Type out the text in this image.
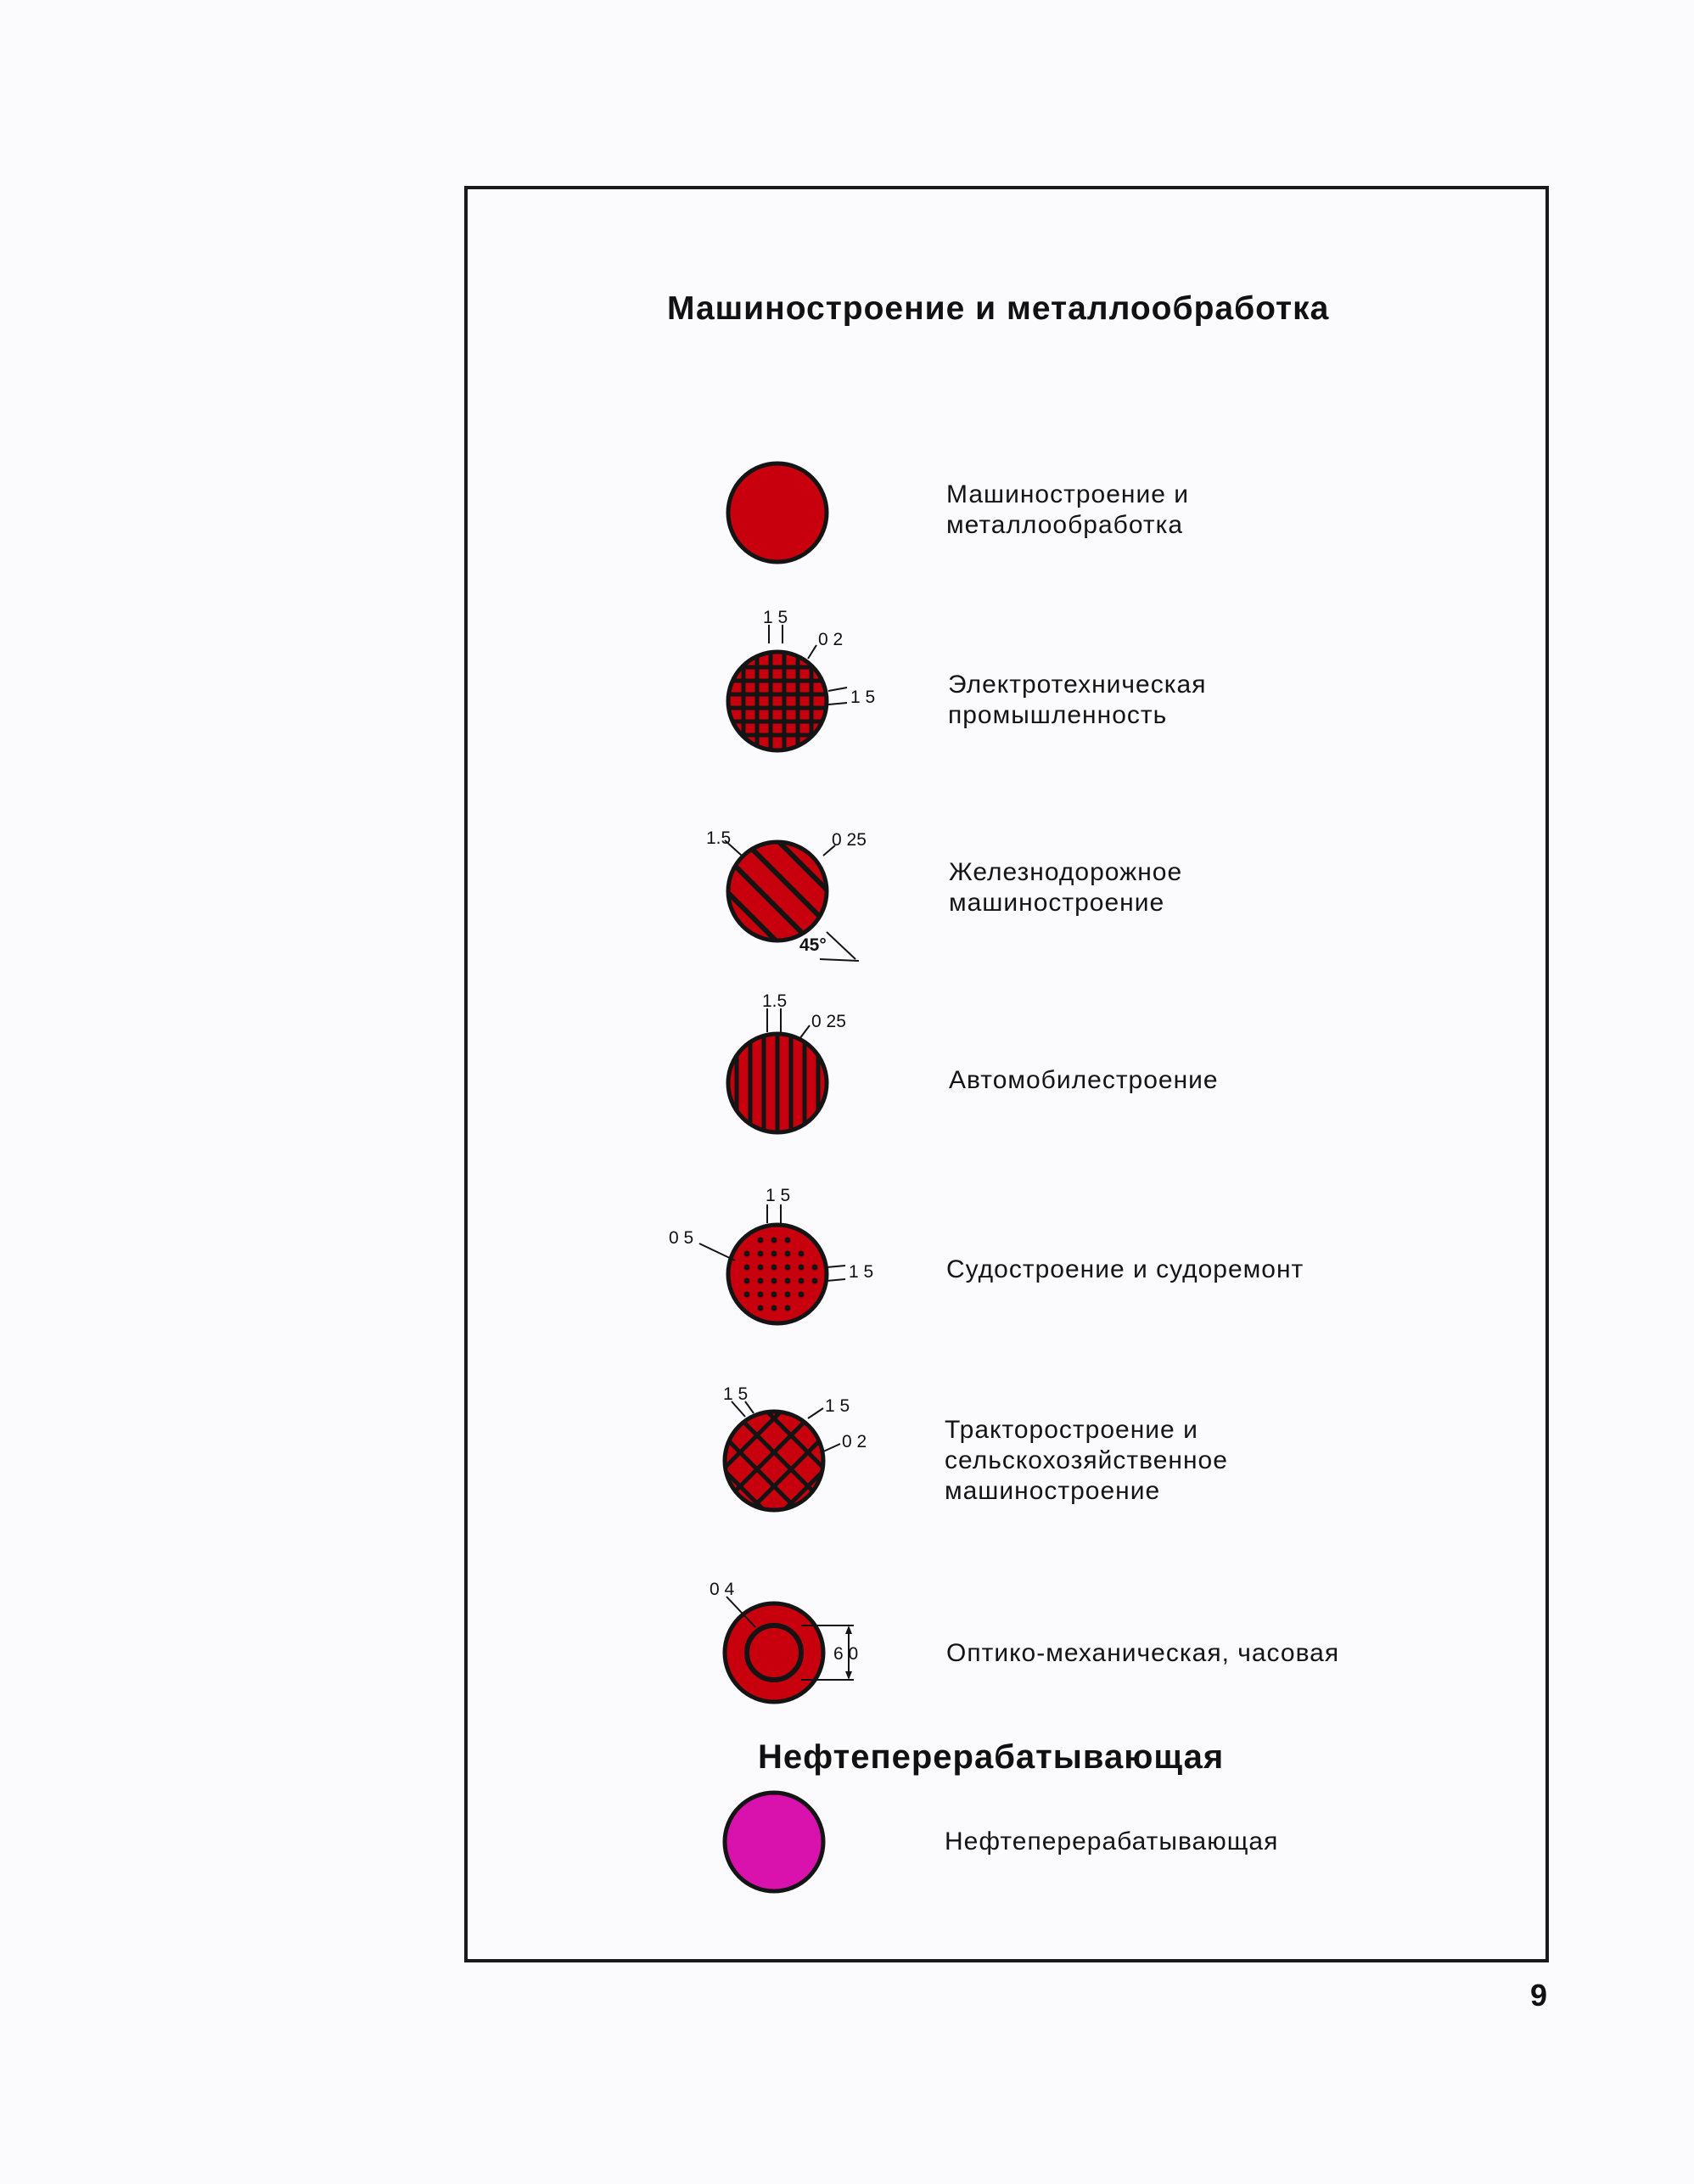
Машиностроение и металлообработка
Машиностроение и
металлообработка
1 5
0 2
1 5	Электротехническая
промышленность
1.5	0 25
45°
Железнодорожное
машиностроение
1.5
0 25
Автомобилестроение
1 5
0 5
1 5	Судостроение и судоремонт
1 5
1 5
0 2	Тракторостроение и
сельскохозяйственное
машиностроение
0 4
6 0	Оптико-механическая, часовая
Нефтеперерабатывающая
Нефтеперерабатывающая
9
